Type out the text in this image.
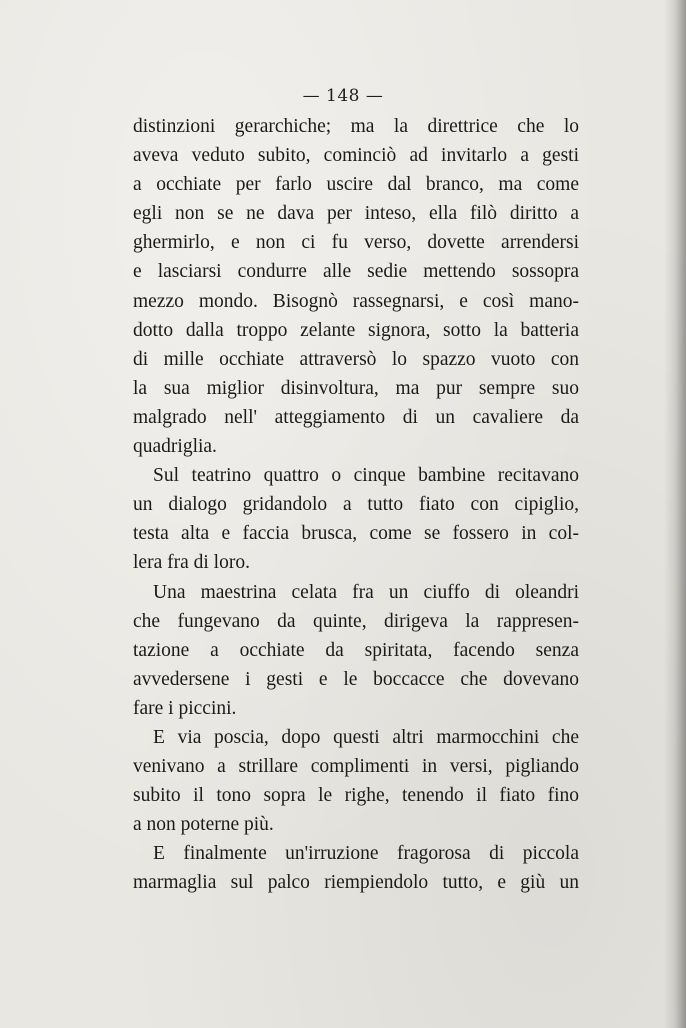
— 148 —
distinzioni gerarchiche; ma la direttrice che lo
aveva veduto subito, cominciò ad invitarlo a gesti
a occhiate per farlo uscire dal branco, ma come
egli non se ne dava per inteso, ella filò diritto a
ghermirlo, e non ci fu verso, dovette arrendersi
e lasciarsi condurre alle sedie mettendo sossopra
mezzo mondo. Bisognò rassegnarsi, e così mano-
dotto dalla troppo zelante signora, sotto la batteria
di mille occhiate attraversò lo spazzo vuoto con
la sua miglior disinvoltura, ma pur sempre suo
malgrado nell' atteggiamento di un cavaliere da
quadriglia.
Sul teatrino quattro o cinque bambine recitavano
un dialogo gridandolo a tutto fiato con cipiglio,
testa alta e faccia brusca, come se fossero in col-
lera fra di loro.
Una maestrina celata fra un ciuffo di oleandri
che fungevano da quinte, dirigeva la rappresen-
tazione a occhiate da spiritata, facendo senza
avvedersene i gesti e le boccacce che dovevano
fare i piccini.
E via poscia, dopo questi altri marmocchini che
venivano a strillare complimenti in versi, pigliando
subito il tono sopra le righe, tenendo il fiato fino
a non poterne più.
E finalmente un'irruzione fragorosa di piccola
marmaglia sul palco riempiendolo tutto, e giù un
